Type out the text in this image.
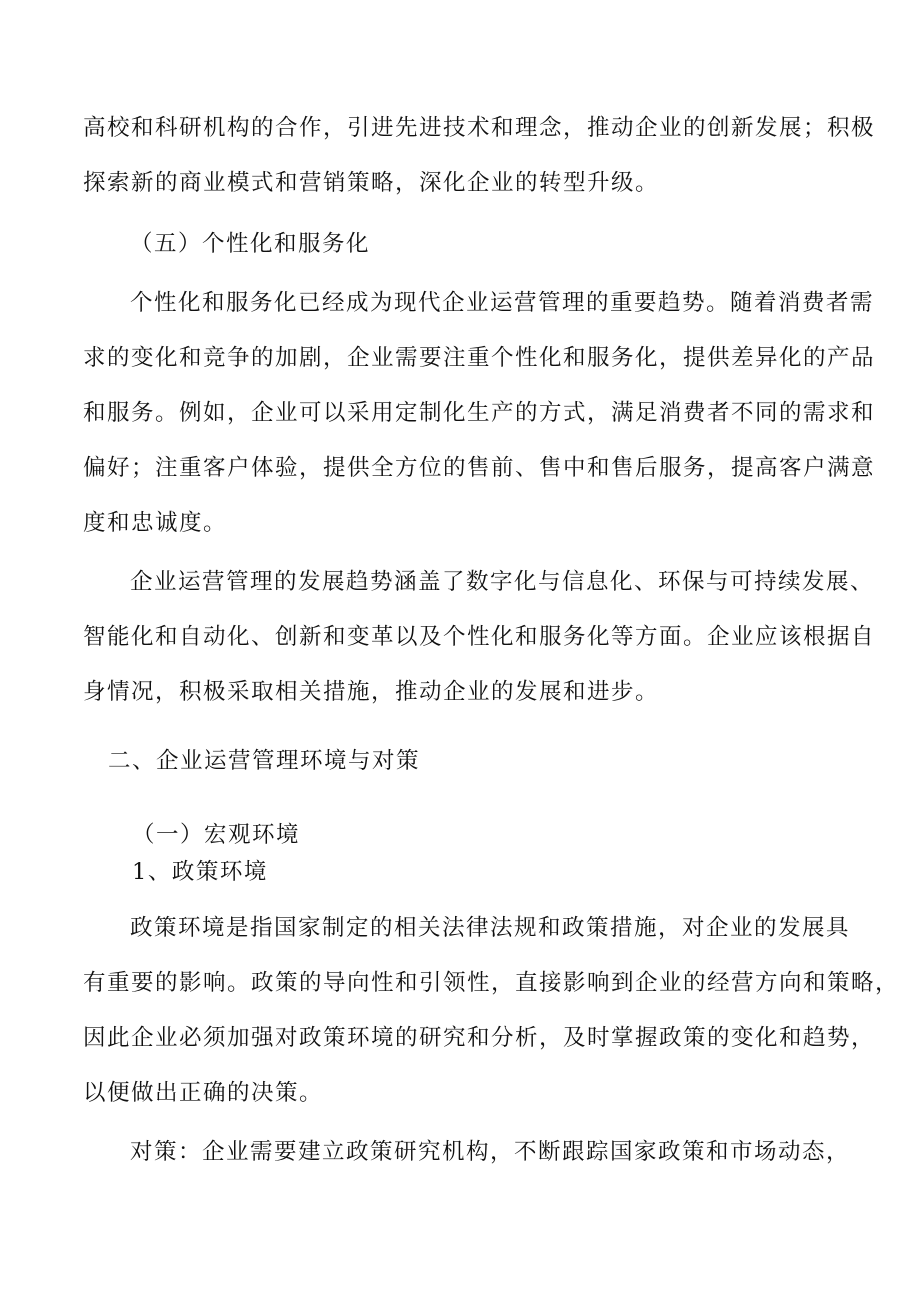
高校和科研机构的合作，引进先进技术和理念，推动企业的创新发展；积极
探索新的商业模式和营销策略，深化企业的转型升级。
（五）个性化和服务化
个性化和服务化已经成为现代企业运营管理的重要趋势。随着消费者需
求的变化和竞争的加剧，企业需要注重个性化和服务化，提供差异化的产品
和服务。例如，企业可以采用定制化生产的方式，满足消费者不同的需求和
偏好；注重客户体验，提供全方位的售前、售中和售后服务，提高客户满意
度和忠诚度。
企业运营管理的发展趋势涵盖了数字化与信息化、环保与可持续发展、
智能化和自动化、创新和变革以及个性化和服务化等方面。企业应该根据自
身情况，积极采取相关措施，推动企业的发展和进步。
二、企业运营管理环境与对策
（一）宏观环境
1、政策环境
政策环境是指国家制定的相关法律法规和政策措施，对企业的发展具
有重要的影响。政策的导向性和引领性，直接影响到企业的经营方向和策略，
因此企业必须加强对政策环境的研究和分析，及时掌握政策的变化和趋势，
以便做出正确的决策。
对策：企业需要建立政策研究机构，不断跟踪国家政策和市场动态，
